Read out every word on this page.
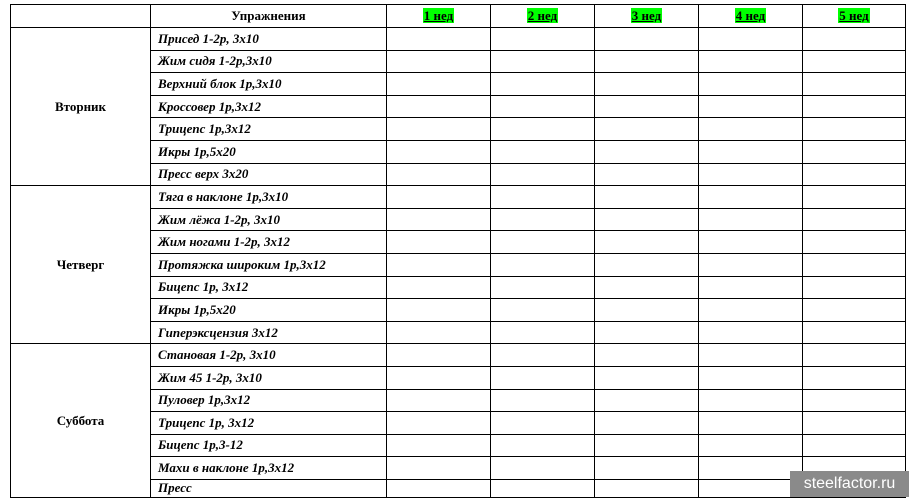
	Упражнения	1 нед	2 нед	3 нед	4 нед	5 нед
Вторник	Присед 1-2р, 3х10					
	Жим сидя 1-2р,3х10					
	Верхний блок 1р,3х10					
	Кроссовер 1р,3х12					
	Трицепс 1р,3х12					
	Икры 1р,5х20					
	Пресс верх 3х20					
Четверг	Тяга в наклоне 1р,3х10					
	Жим лёжа 1-2р, 3х10					
	Жим ногами 1-2р, 3х12					
	Протяжка широким 1р,3х12					
	Бицепс 1р, 3х12					
	Икры 1р,5х20					
	Гиперэксцензия 3х12					
Суббота	Становая 1-2р, 3х10					
	Жим 45 1-2р, 3х10					
	Пуловер 1р,3х12					
	Трицепс 1р, 3х12					
	Бицепс 1р,3-12					
	Махи в наклоне 1р,3х12					
	Пресс						steelfactor.ru
